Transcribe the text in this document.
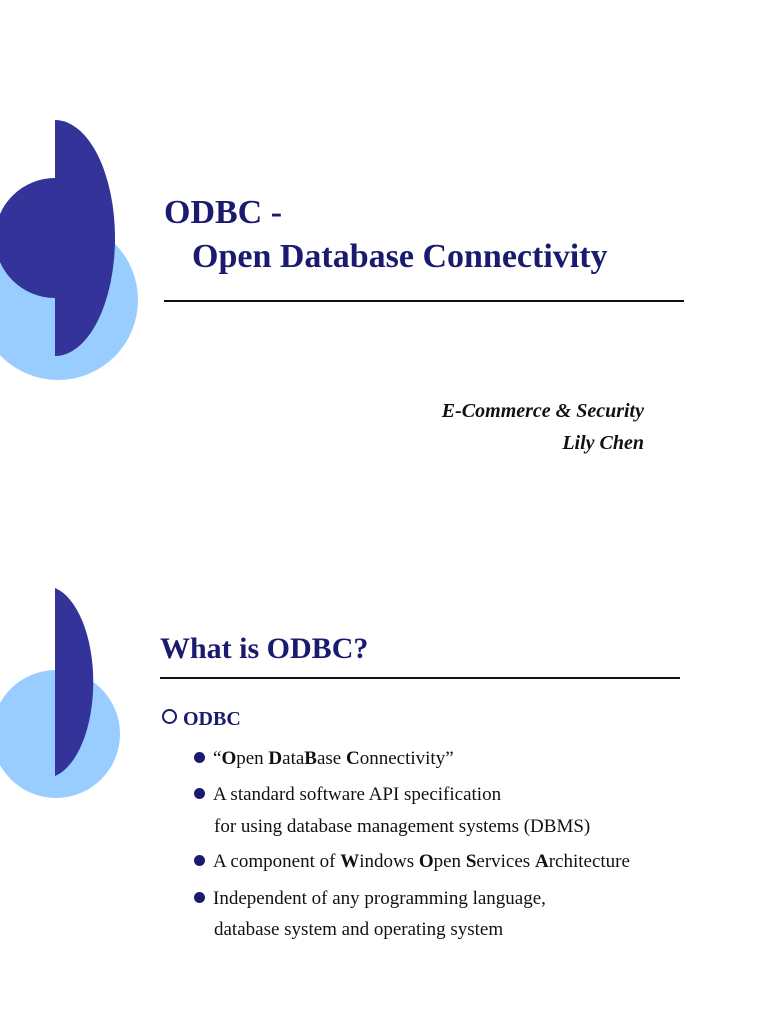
ODBC -
Open Database Connectivity
E-Commerce & Security
Lily Chen
What is ODBC?
ODBC
“Open DataBase Connectivity”
A standard software API specification
for using database management systems (DBMS)
A component of Windows Open Services Architecture
Independent of any programming language,
database system and operating system
